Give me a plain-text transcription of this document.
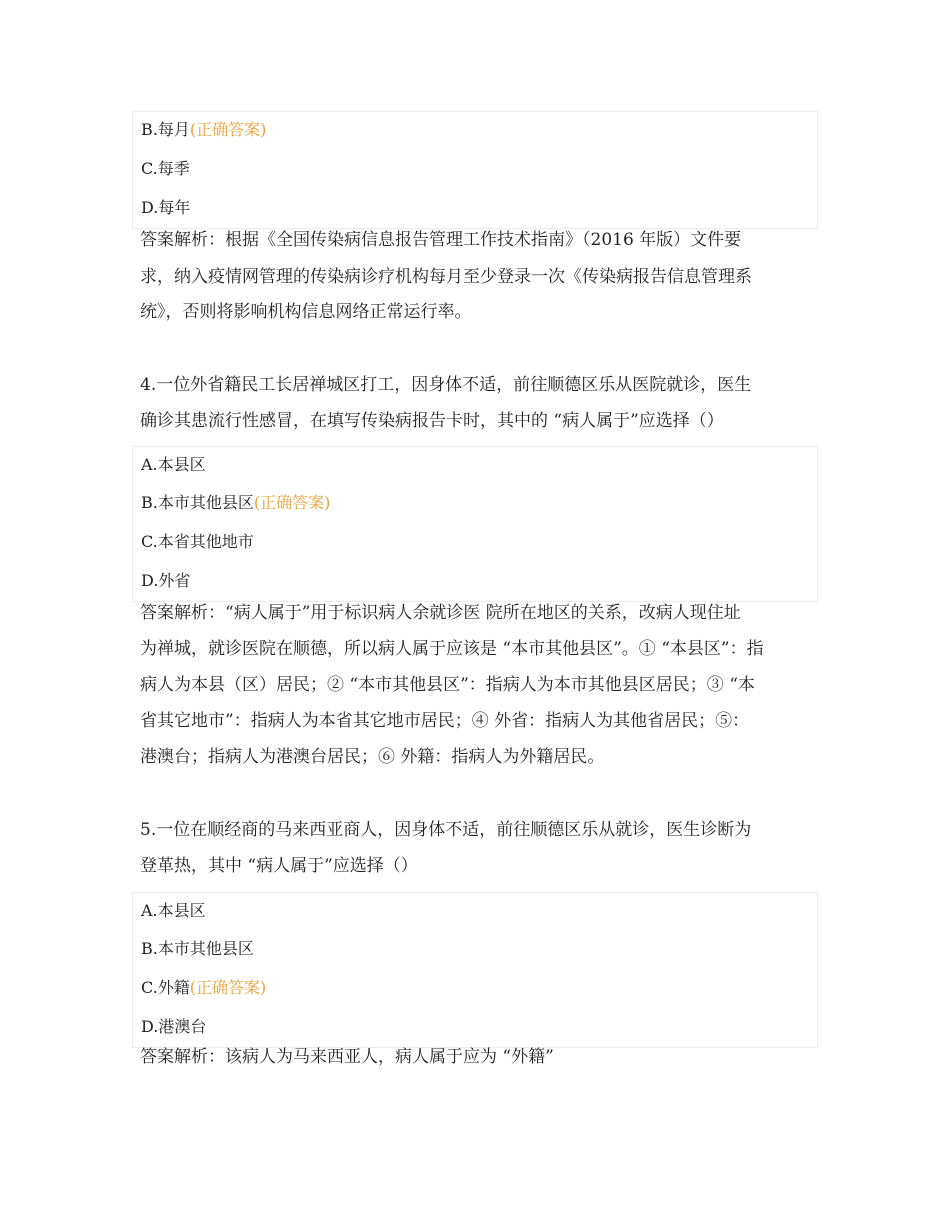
B.每月(正确答案)
C.每季
D.每年
答案解析：根据《全国传染病信息报告管理工作技术指南》（2016 年版）文件要
求，纳入疫情网管理的传染病诊疗机构每月至少登录一次《传染病报告信息管理系
统》，否则将影响机构信息网络正常运行率。
4.一位外省籍民工长居禅城区打工，因身体不适，前往顺德区乐从医院就诊，医生
确诊其患流行性感冒，在填写传染病报告卡时，其中的 “病人属于”应选择（）
A.本县区
B.本市其他县区(正确答案)
C.本省其他地市
D.外省
答案解析：“病人属于”用于标识病人余就诊医 院所在地区的关系，改病人现住址
为禅城，就诊医院在顺德，所以病人属于应该是 “本市其他县区”。① “本县区”：指
病人为本县（区）居民；② “本市其他县区”：指病人为本市其他县区居民；③ “本
省其它地市”：指病人为本省其它地市居民；④ 外省：指病人为其他省居民；⑤：
港澳台；指病人为港澳台居民；⑥ 外籍：指病人为外籍居民。
5.一位在顺经商的马来西亚商人，因身体不适，前往顺德区乐从就诊，医生诊断为
登革热，其中 “病人属于”应选择（）
A.本县区
B.本市其他县区
C.外籍(正确答案)
D.港澳台
答案解析：该病人为马来西亚人，病人属于应为 “外籍”
